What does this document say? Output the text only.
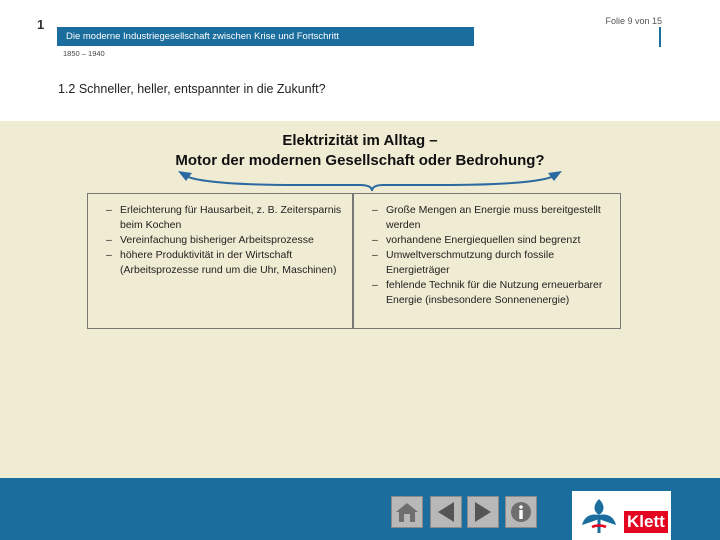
1	Folie 9 von 15
Die moderne Industriegesellschaft zwischen Krise und Fortschritt
1850 – 1940
1.2 Schneller, heller, entspannter in die Zukunft?
Elektrizität im Alltag –
Motor der modernen Gesellschaft oder Bedrohung?
– Erleichterung für Hausarbeit, z. B. Zeitersparnis beim Kochen
– Vereinfachung bisheriger Arbeitsprozesse
– höhere Produktivität in der Wirtschaft (Arbeitsprozesse rund um die Uhr, Maschinen)
– Große Mengen an Energie muss bereitgestellt werden
– vorhandene Energiequellen sind begrenzt
– Umweltverschmutzung durch fossile Energieträger
– fehlende Technik für die Nutzung erneuerbarer Energie (insbesondere Sonnenenergie)
Klett
